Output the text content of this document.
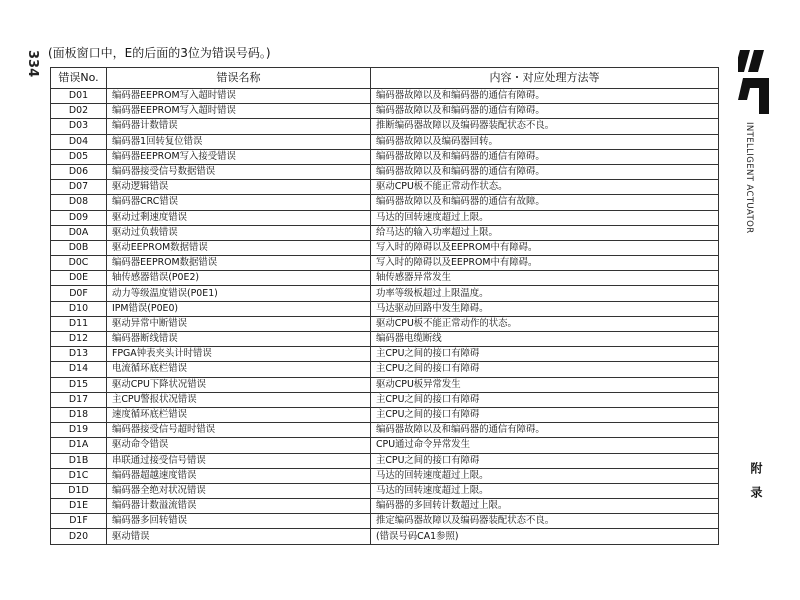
334 (面板窗口中，E的后面的3位为错误号码。)
错误No.	错误名称	内容・对应处理方法等
D01	编码器EEPROM写入超时错误	编码器故障以及和编码器的通信有障碍。
D02	编码器EEPROM写入超时错误	编码器故障以及和编码器的通信有障碍。
D03	编码器计数错误	推断编码器故障以及编码器装配状态不良。
D04	编码器1回转复位错误	编码器故障以及编码器回转。
D05	编码器EEPROM写入接受错误	编码器故障以及和编码器的通信有障碍。
D06	编码器接受信号数据错误	编码器故障以及和编码器的通信有障碍。
D07	驱动逻辑错误	驱动CPU板不能正常动作状态。
D08	编码器CRC错误	编码器故障以及和编码器的通信有故障。
D09	驱动过剩速度错误	马达的回转速度超过上限。
D0A	驱动过负载错误	给马达的输入功率超过上限。
D0B	驱动EEPROM数据错误	写入时的障碍以及EEPROM中有障碍。
D0C	编码器EEPROM数据错误	写入时的障碍以及EEPROM中有障碍。
D0E	轴传感器错误(P0E2)	轴传感器异常发生
D0F	动力等级温度错误(P0E1)	功率等级板超过上限温度。
D10	IPM错误(P0E0)	马达驱动回路中发生障碍。
D11	驱动异常中断错误	驱动CPU板不能正常动作的状态。
D12	编码器断线错误	编码器电缆断线
D13	FPGA钟表夹头计时错误	主CPU之间的接口有障碍
D14	电流循环底栏错误	主CPU之间的接口有障碍
D15	驱动CPU下降状况错误	驱动CPU板异常发生
D17	主CPU警报状况错误	主CPU之间的接口有障碍
D18	速度循环底栏错误	主CPU之间的接口有障碍
D19	编码器接受信号超时错误	编码器故障以及和编码器的通信有障碍。
D1A	驱动命令错误	CPU通过命令异常发生
D1B	串联通过接受信号错误	主CPU之间的接口有障碍
D1C	编码器超越速度错误	马达的回转速度超过上限。
D1D	编码器全绝对状况错误	马达的回转速度超过上限。
D1E	编码器计数溢流错误	编码器的多回转计数超过上限。
D1F	编码器多回转错误	推定编码器故障以及编码器装配状态不良。
D20	驱动错误	(错误号码CA1参照)
INTELLIGENT ACTUATOR
附 录
